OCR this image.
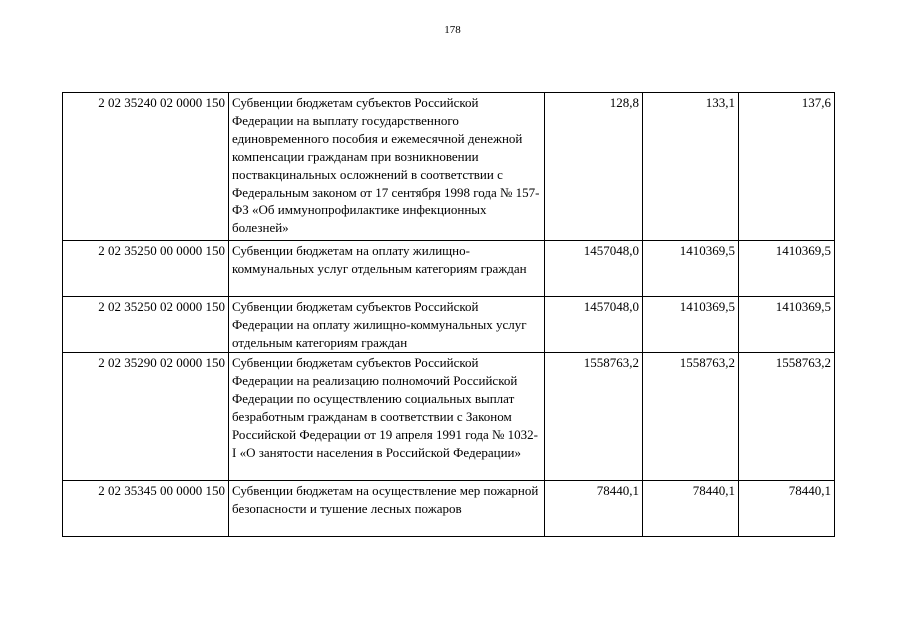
178
2 02 35240 02 0000 150	Субвенции бюджетам субъектов Российской Федерации на выплату государственного единовременного пособия и ежемесячной денежной компенсации гражданам при возникновении поствакцинальных осложнений в соответствии с Федеральным законом от 17 сентября 1998 года № 157-ФЗ «Об иммунопрофилактике инфекционных болезней»	128,8	133,1	137,6
2 02 35250 00 0000 150	Субвенции бюджетам на оплату жилищно-коммунальных услуг отдельным категориям граждан	1457048,0	1410369,5	1410369,5
2 02 35250 02 0000 150	Субвенции бюджетам субъектов Российской Федерации на оплату жилищно-коммунальных услуг отдельным категориям граждан	1457048,0	1410369,5	1410369,5
2 02 35290 02 0000 150	Субвенции бюджетам субъектов Российской Федерации на реализацию полномочий Российской Федерации по осуществлению социальных выплат безработным гражданам в соответствии с Законом Российской Федерации от 19 апреля 1991 года № 1032-I «О занятости населения в Российской Федерации»	1558763,2	1558763,2	1558763,2
2 02 35345 00 0000 150	Субвенции бюджетам на осуществление мер пожарной безопасности и тушение лесных пожаров	78440,1	78440,1	78440,1
